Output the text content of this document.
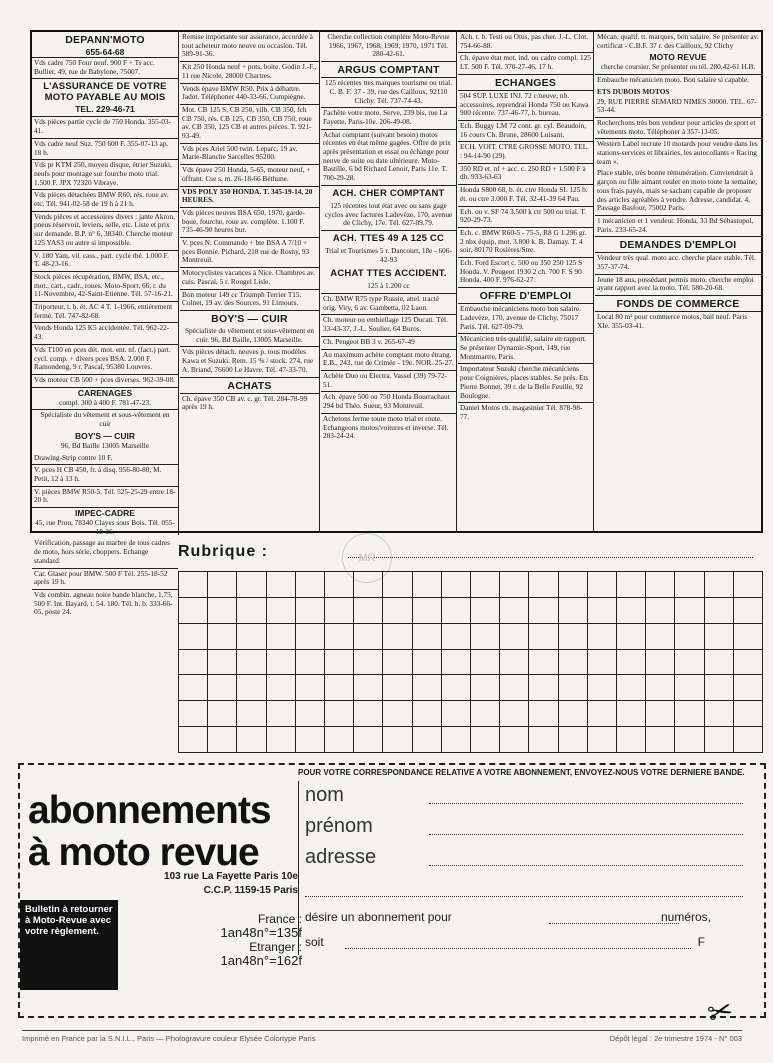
DEPANN'MOTO
655-64-68
Vds cadre 750 Four neuf. 900 F + Ts acc. Bullier, 49, rue de Babylone, 75007.
L'ASSURANCE DE VOTRE MOTO PAYABLE AU MOIS
TEL. 229-46-71
Vds pièces partie cycle de 750 Honda. 355-03-41.
Vds cadre neuf Suz. 750 600 F. 355-07-13 ap. 18 h.
Vds pr KTM 250, moyeu disque, étrier Suzuki, neufs pour montage sur fourche moto trial. 1.500 F. JPX 72320 Vibraye.
Vds pièces détachées BMW R60, rés. roue av. etc. Tél. 941-02-58 de 19 h à 21 h.
Vends pièces et accessoires divers : jante Akron, pneus réservoir, leviers, selle, etc. Liste et prix sur demande. B.P. n° 6, 38340. Cherche moteur 125 YAS3 ou autre si impossible.
V. 180 Yam, vil. cass., part. cycle tbé. 1.000 F. T. 48-23-16.
Stock pièces récupération, BMW, BSA, etc., mot., cart., cadr., roues. Moto-Sport, 66, r. du 11-Novembre, 42-Saint-Etienne. Tél. 57-16-21.
Triporteur, t. b. ét. AC 4 T. 1-1966, entièrement fermé. Tél. 747-82-68.
Vends Honda 125 K5 accidentée. Tél. 962-22-43.
Vds T100 en pces dét. mot. ent. nf. (fact.) part. cycl. comp. + divers pces BSA. 2.000 F. Ramondeng, 9 r. Pascal, 95380 Louvres.
Vds moteur CB 500 + pces diverses. 962-39-08.
CARENAGES
compl. 300 à 400 F. 781-47-23.
Spécialiste du vêtement et sous-vêtement en cuir
BOY'S — CUIR
96, Bd Baille 13005 Marseille
Drawing-Strip contre 10 F.
V. pces H CB 450, fr. à disq. 956-80-80, M. Petit, 12 à 13 h.
V. pièces BMW R50-5. Tél. 525-25-29 entre 18-20 h.
IMPEC-CADRE
45, rue Prou, 78340 Clayes sous Bois. Tél. 055-18-36.
Vérification, passage au marbre de tous cadres de moto, hors série, choppers. Echange standard.
Car. Glaser pour BMW. 500 F Tél. 255-18-52 après 19 h.
Vds combin. agneau noire bande blanche, 1,75, 500 F. Int. Bayard, t. 54. 180. Tél. h. b. 333-66-05, poste 24.
Remise importante sur assurance, accordée à tout acheteur moto neuve ou occasion. Tél. 589-91-36.
Kit 250 Honda neuf + pots, boite. Godin J.-F., 11 rue Nicole, 28000 Chartres.
Vends épave BMW R50. Prix à débattre. Jadot. Téléphoner 440-33-66, Compiègne.
Mot. CB 125 S, CB 250, vilb. CB 350, fch CB 750, rés. CB 125, CB 350, CB 750, roue av. CB 350, 125 CB et autres pièces. T. 921-93-49.
Vds pces Ariel 500 twin. Leparc, 19 av. Marie-Blanche Sarcelles 95200.
Vds épave 250 Honda, 5-65, moteur neuf, + offrant. Cse s. m. 26-18-66 Béthune.
VDS POLY 350 HONDA. T. 345-19-14, 20 HEURES.
Vds pièces neuves BSA 650, 1970, garde-boue, fourche, roue av. complète. 1.100 F. 735-46-90 heures bur.
V. pces N. Commando + bte BSA A 7/10 + pces Bonnie. Pichard, 218 rue de Rosny, 93 Montreuil.
Motocyclistes vacances à Nice. Chambres av. cuis. Pascal, 5 r. Rougel Lisle.
Bon moteur 149 cc Triumph Terrier T15. Colnet, 19 av. des Sources, 91 Limours.
BOY'S — CUIR
Spécialiste du vêtement et sous-vêtement en cuir. 96, Bd Baille, 13005 Marseille.
Vds pièces détach. neuves p. tous modèles Kawa et Suzuki. Rem. 15 % / stock. 274, rue A. Briand, 76600 Le Havre. Tél. 47-33-70.
ACHATS
Ch. épave 350 CB av. c. gr. Tél. 284-78-99 après 19 h.
Cherche collection complète Moto-Revue 1966, 1967, 1968, 1969, 1970, 1971 Tél. 280-42-61.
ARGUS COMPTANT
125 récentes ttes marques tourisme ou trial. C. B. F. 37 - 39, rue des Cailloux, 92110 Clichy. Tél. 737-74-43.
J'achète votre moto. Serve, 239 bis, rue La Fayette, Paris-10e. 206-49-08.
Achat comptant (suivant besoin) motos récentes en état même gagées. Offre de prix après présentation et essai ou échange pour neuve de suite ou date ultérieure. Moto-Bastille, 6 bd Richard Lenoir, Paris 11e. T. 700-29-28.
ACH. CHER COMPTANT
125 récentes tout état avec ou sans gage cyclos avec factures Ladevèze, 170, avenue de Clichy, 17e. Tél. 627-09.79.
ACH. TTES 49 A 125 CC
Trial et Tourismes 5 r. Dancourt, 18e - 606-42-93
ACHAT TTES ACCIDENT.
125 à 1.200 cc
Ch. BMW R75 type Russie, attel. tracté orig. Viry, 6 av. Gambetta, 02 Laon.
Ch. moteur ou embiellage 125 Ducati. Tél. 33-43-37, J.-L. Soulier, 64 Buros.
Ch. Peugeot BB 3 v. 265-67-49
Au maximum achète comptant moto étrang. E.B., 243, rue de Crimée - 19e. NOR. 25-27.
Achète Duo ou Electra. Vassel (39) 79-72-51.
Ach. épave 500 ou 750 Honda Bourrachaut 294 bd Théo. Sueur, 93 Montreuil.
Achetons ferme toute moto trial et route. Echangeons motos/voitures et inverse. Tél. 283-24-24.
Ach. t. b. Testi ou Otus, pas cher. J.-L. Clot. 754-66-88.
Ch. épave état mot. ind. ou cadre compl. 125 LT. 500 F. Tél. 370-27-46, 17 h.
ECHANGES
504 SUP. LUXE INJ. 72 c/neuve, nb. accessoires, reprendrai Honda 750 ou Kawa 900 récente. 737-46-77, h. bureau.
Ech. Buggy LM 72 cont. gr. cyl. Beaudoin, 16 cours Ch. Brune, 28600 Luisant.
ECH. VOIT. CTRE GROSSE MOTO. TEL. : 94-14-90 (29).
350 RD et. nf + acc. c. 250 RD + 1.500 F à dh. 933-63-63
Honda S800 68, b. ét. ctre Honda SL 125 b. ét. ou ctre 3.000 F. Tél. 32-41-39 64 Pau.
Ech. ou v. SF 74 3.500 k ctr 500 ou trial. T. 920-29-73.
Ech. c. BMW R60-5 - 75-5, R8 G 1.296 gr. 2 nbx équip, mot. 3.800 k. B. Damay. T. 4 soir, 80170 Rosières/Stre.
Ech. Ford Escort c. 500 ou 350 250 125 S Honda. V. Peugeot 1930 2 ch. 700 F. S 90 Honda. 400 F. 976-62-27.
OFFRE D'EMPLOI
Embauche mécaniciens moto bon salaire. Ladevèze, 170, avenue de Clichy, 75017 Paris. Tél. 627-09-79.
Mécanicien très qualifié, salaire en rapport. Se présenter Dynamic-Sport, 149, rue Montmartre, Paris.
Importateur Suzuki cherche mécaniciens pour Coignières, places stables. Se prés. Ets Pierre Bonnet, 39 r. de la Belle Feuille, 92 Boulogne.
Daniel Motos ch. magasinier Tél. 878-98-77.
Mécan. qualif. tt. marques, bon salaire. Se présenter av. certificat - C.B.F. 37 r. des Cailloux, 92 Clichy
MOTO REVUE
cherche coursier. Se présenter ou tél. 280.42-61 H.B.
Embauche mécanicien moto. Bon salaire si capable.
ETS DUBOIS MOTOS
29, RUE PIERRE SEMARD NIMES 30000. TEL. 67-53-44.
Recherchons très bon vendeur pour articles de sport et vêtements moto. Téléphoner à 357-13-05.
Western Label recrute 10 motards pour vendre dans les stations-services et librairies, les autocollants « Racing team ».
Place stable, très bonne rémunération. Conviendrait à garçon ou fille aimant rouler en moto toute la semaine, tous frais payés, mais se sachant capable de proposer des articles agréables à vendre. Adresse, candidat. 4, Passage Basfour, 75002 Paris.
1 mécanicien et 1 vendeur. Honda, 33 Bd Sébastopol, Paris. 233-65-24.
DEMANDES D'EMPLOI
Vendeur très qual. moto acc. cherche place stable. Tél. 357-37-74.
Jeune 18 ans, possédant permis moto, cherche emploi ayant rapport avec la moto. Tél. 580-20-68.
FONDS DE COMMERCE
Local 80 m² pour commerce motos, bail neuf. Paris XIe. 355-03-41.
Rubrique :	MR
abonnements
à moto revue
103 rue La Fayette Paris 10e
C.C.P. 1159-15 Paris
France :
1an48n°=135f
Etranger :
1an48n°=162f
Bulletin à retourner à Moto-Revue avec votre règlement.
POUR VOTRE CORRESPONDANCE RELATIVE A VOTRE ABONNEMENT, ENVOYEZ-NOUS VOTRE DERNIERE BANDE.
nom
prénom
adresse
désire un abonnement pour	numéros,
soit	F
✂
Imprimé en France par la S.N.I.L., Paris — Photogravure couleur Elysée Colortype Paris	Dépôt légal : 2e trimestre 1974 - N° 003
